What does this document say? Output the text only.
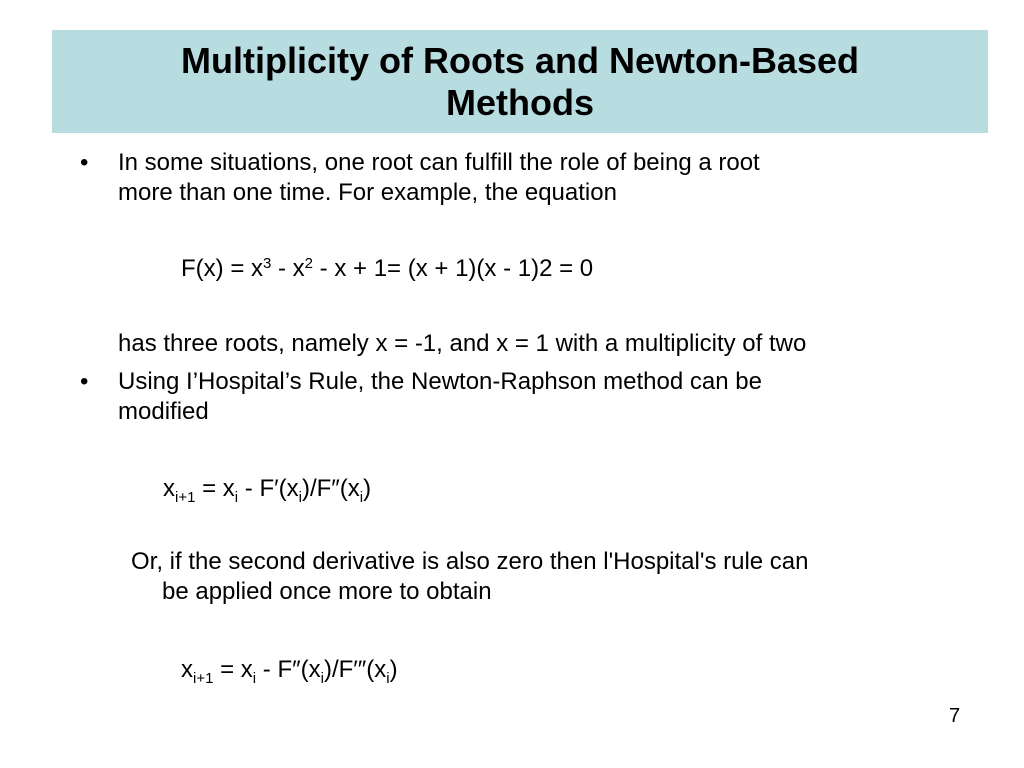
Multiplicity of Roots and Newton-Based Methods
• In some situations, one root can fulfill the role of being a root
more than one time. For example, the equation
$F(x) = x^3 - x^2 - x + 1= (x + 1)(x - 1)2 = 0$
has three roots, namely x = -1, and x = 1 with a multiplicity of two
• Using I’Hospital’s Rule, the Newton-Raphson method can be
modified
$x_{i+1} = x_i - F'(x_i)/F''(x_i)$
Or, if the second derivative is also zero then l'Hospital's rule can
be applied once more to obtain
$x_{i+1} = x_i - F''(x_i)/F'''(x_i)$
7
